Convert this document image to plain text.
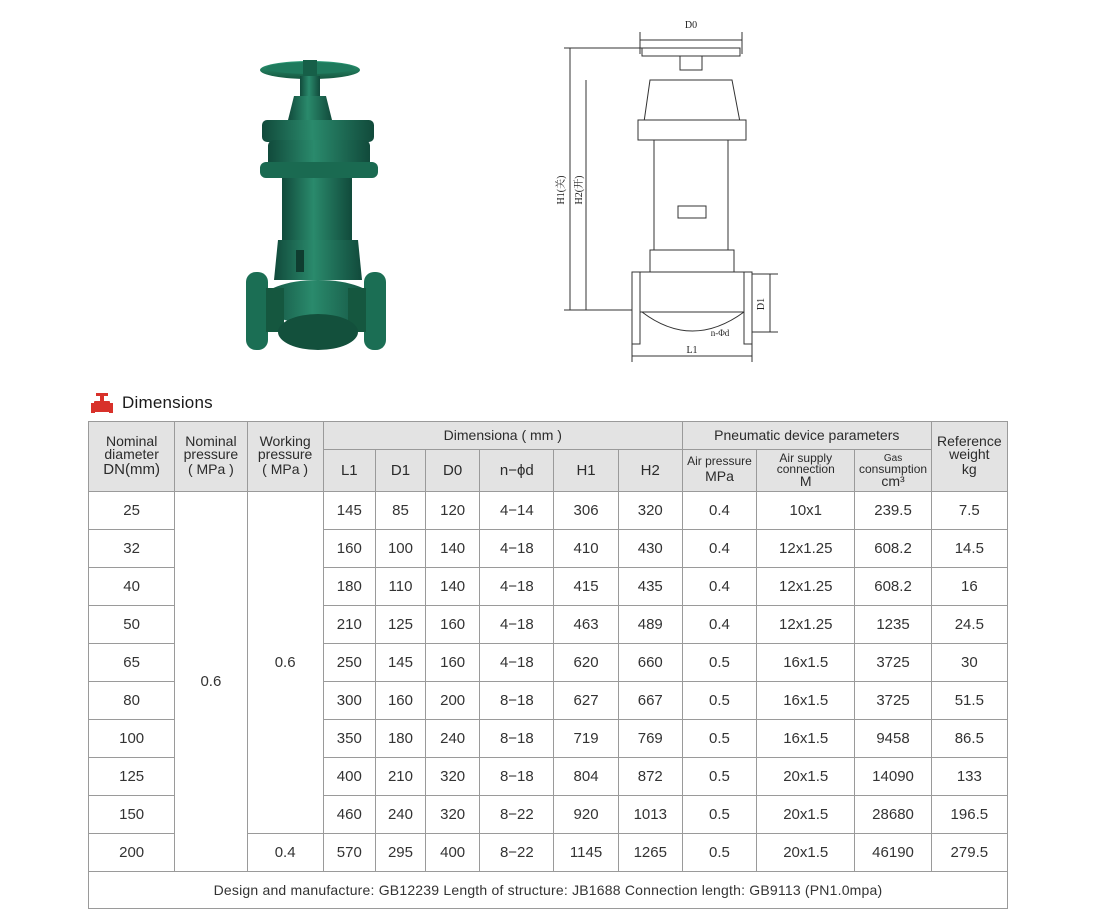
D0
H1(关) H2(开)
D1
n-Φd
L1
Dimensions
Nominal
diameter
DN(mm)	Nominal
pressure
( MPa )	Working
pressure
( MPa )	Dimensiona ( mm )						Pneumatic device parameters			Reference
weight
kg

			L1	D1	D0	n−ϕd	H1	H2	Air pressure
MPa	Air supply
connection
M	Gas
consumption
cm³	

25	0.6	0.6	145	85	120	4−14	306	320	0.4	10x1	239.5	7.5
32			160	100	140	4−18	410	430	0.4	12x1.25	608.2	14.5
40			180	110	140	4−18	415	435	0.4	12x1.25	608.2	16
50			210	125	160	4−18	463	489	0.4	12x1.25	1235	24.5
65			250	145	160	4−18	620	660	0.5	16x1.5	3725	30
80			300	160	200	8−18	627	667	0.5	16x1.5	3725	51.5
100			350	180	240	8−18	719	769	0.5	16x1.5	9458	86.5
125			400	210	320	8−18	804	872	0.5	20x1.5	14090	133
150			460	240	320	8−22	920	1013	0.5	20x1.5	28680	196.5
200		0.4	570	295	400	8−22	1145	1265	0.5	20x1.5	46190	279.5
Design and manufacture: GB12239 Length of structure: JB1688 Connection length: GB9113 (PN1.0mpa)												
